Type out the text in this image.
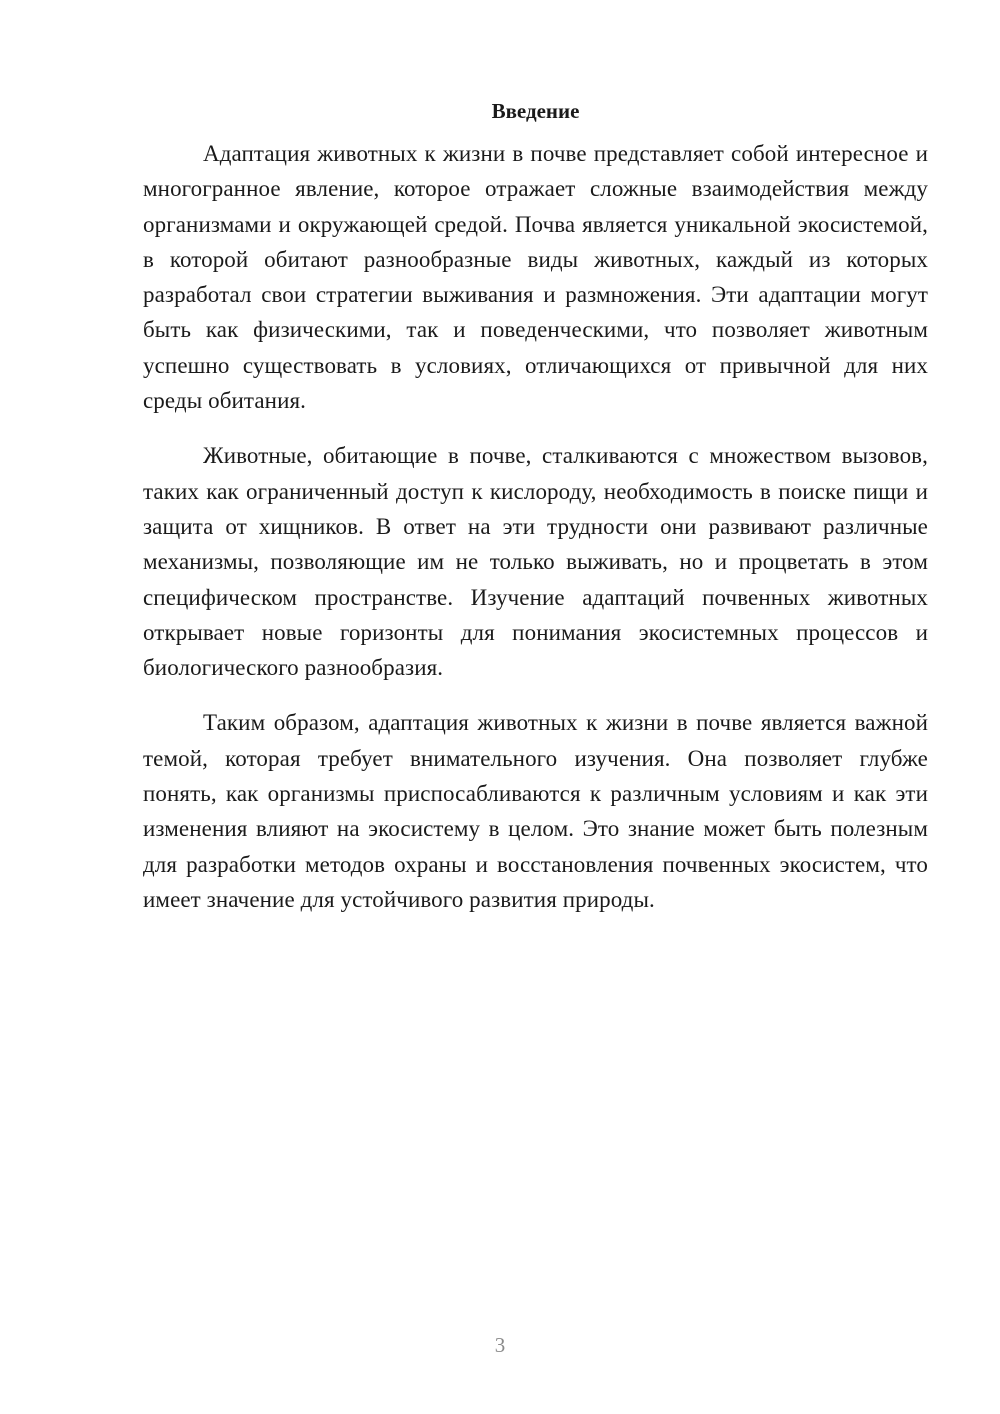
Введение

Адаптация животных к жизни в почве представляет собой интересное и многогранное явление, которое отражает сложные взаимодействия между организмами и окружающей средой. Почва является уникальной экосистемой, в которой обитают разнообразные виды животных, каждый из которых разработал свои стратегии выживания и размножения. Эти адаптации могут быть как физическими, так и поведенческими, что позволяет животным успешно существовать в условиях, отличающихся от привычной для них среды обитания.

Животные, обитающие в почве, сталкиваются с множеством вызовов, таких как ограниченный доступ к кислороду, необходимость в поиске пищи и защита от хищников. В ответ на эти трудности они развивают различные механизмы, позволяющие им не только выживать, но и процветать в этом специфическом пространстве. Изучение адаптаций почвенных животных открывает новые горизонты для понимания экосистемных процессов и биологического разнообразия.

Таким образом, адаптация животных к жизни в почве является важной темой, которая требует внимательного изучения. Она позволяет глубже понять, как организмы приспосабливаются к различным условиям и как эти изменения влияют на экосистему в целом. Это знание может быть полезным для разработки методов охраны и восстановления почвенных экосистем, что имеет значение для устойчивого развития природы.

3
